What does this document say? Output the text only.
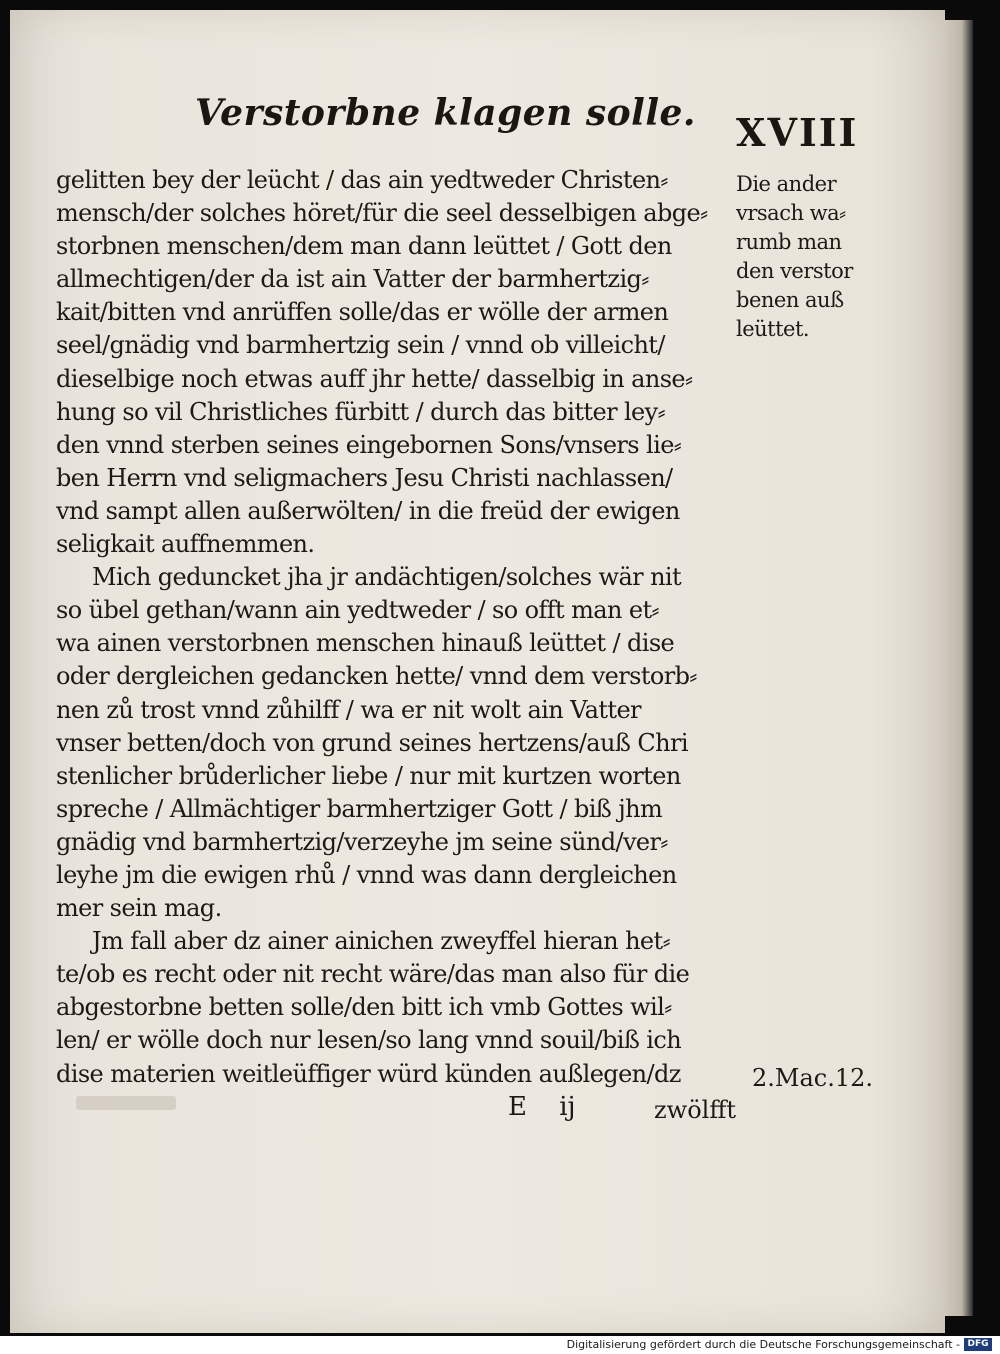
Verstorbne klagen solle. XVIII
gelitten bey der leücht / das ain yedtweder Christen⸗
mensch/der solches höret/für die seel desselbigen abge⸗
storbnen menschen/dem man dann leüttet / Gott den
allmechtigen/der da ist ain Vatter der barmhertzig⸗
kait/bitten vnd anrüffen solle/das er wölle der armen
seel/gnädig vnd barmhertzig sein / vnnd ob villeicht/
dieselbige noch etwas auff jhr hette/ dasselbig in anse⸗
hung so vil Christliches fürbitt / durch das bitter ley⸗
den vnnd sterben seines eingebornen Sons/vnsers lie⸗
ben Herrn vnd seligmachers Jesu Christi nachlassen/
vnd sampt allen außerwölten/ in die freüd der ewigen
seligkait auffnemmen.
Mich geduncket jha jr andächtigen/solches wär nit
so übel gethan/wann ain yedtweder / so offt man et⸗
wa ainen verstorbnen menschen hinauß leüttet / dise
oder dergleichen gedancken hette/ vnnd dem verstorb⸗
nen zů trost vnnd zůhilff / wa er nit wolt ain Vatter
vnser betten/doch von grund seines hertzens/auß Chri
stenlicher brůderlicher liebe / nur mit kurtzen worten
spreche / Allmächtiger barmhertziger Gott / biß jhm
gnädig vnd barmhertzig/verzeyhe jm seine sünd/ver⸗
leyhe jm die ewigen rhů / vnnd was dann dergleichen
mer sein mag.
Jm fall aber dz ainer ainichen zweyffel hieran het⸗
te/ob es recht oder nit recht wäre/das man also für die
abgestorbne betten solle/den bitt ich vmb Gottes wil⸗
len/ er wölle doch nur lesen/so lang vnnd souil/biß ich
dise materien weitleüffiger würd künden außlegen/dz
Die ander
vrsach wa⸗
rumb man
den verstor
benen auß
leüttet.
2.Mac.12.
E ij	zwölfft
Digitalisierung gefördert durch die Deutsche Forschungsgemeinschaft - DFG
